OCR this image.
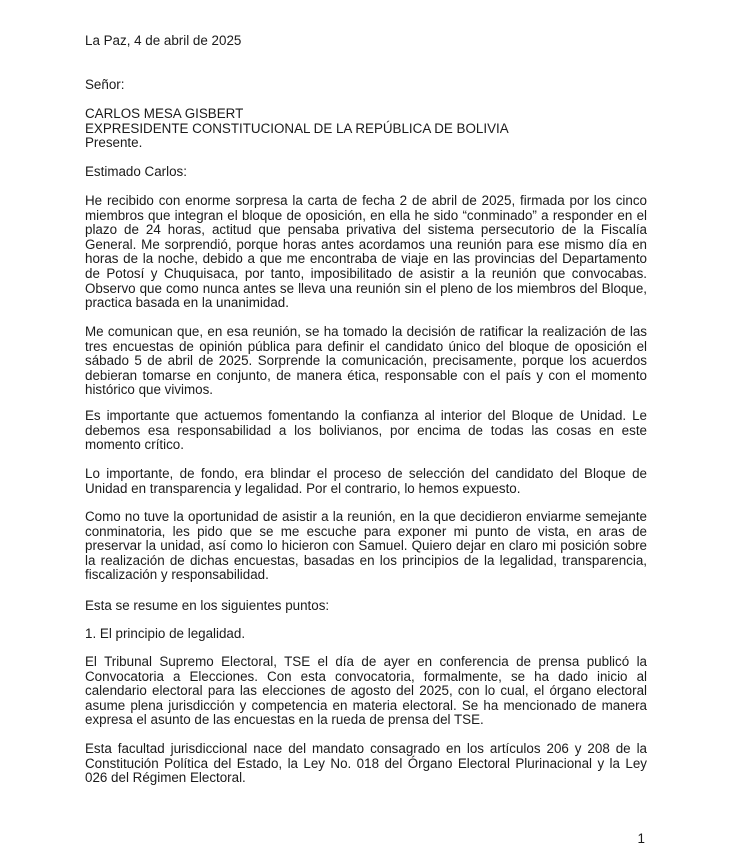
La Paz, 4 de abril de 2025

Señor:

CARLOS MESA GISBERT
EXPRESIDENTE CONSTITUCIONAL DE LA REPÚBLICA DE BOLIVIA
Presente.

Estimado Carlos:

He recibido con enorme sorpresa la carta de fecha 2 de abril de 2025, firmada por los cinco miembros que integran el bloque de oposición, en ella he sido “conminado” a responder en el plazo de 24 horas, actitud que pensaba privativa del sistema persecutorio de la Fiscalía General. Me sorprendió, porque horas antes acordamos una reunión para ese mismo día en horas de la noche, debido a que me encontraba de viaje en las provincias del Departamento de Potosí y Chuquisaca, por tanto, imposibilitado de asistir a la reunión que convocabas. Observo que como nunca antes se lleva una reunión sin el pleno de los miembros del Bloque, practica basada en la unanimidad.

Me comunican que, en esa reunión, se ha tomado la decisión de ratificar la realización de las tres encuestas de opinión pública para definir el candidato único del bloque de oposición el sábado 5 de abril de 2025. Sorprende la comunicación, precisamente, porque los acuerdos debieran tomarse en conjunto, de manera ética, responsable con el país y con el momento histórico que vivimos.

Es importante que actuemos fomentando la confianza al interior del Bloque de Unidad. Le debemos esa responsabilidad a los bolivianos, por encima de todas las cosas en este momento crítico.

Lo importante, de fondo, era blindar el proceso de selección del candidato del Bloque de Unidad en transparencia y legalidad. Por el contrario, lo hemos expuesto.

Como no tuve la oportunidad de asistir a la reunión, en la que decidieron enviarme semejante conminatoria, les pido que se me escuche para exponer mi punto de vista, en aras de preservar la unidad, así como lo hicieron con Samuel. Quiero dejar en claro mi posición sobre la realización de dichas encuestas, basadas en los principios de la legalidad, transparencia, fiscalización y responsabilidad.

Esta se resume en los siguientes puntos:

1. El principio de legalidad.

El Tribunal Supremo Electoral, TSE el día de ayer en conferencia de prensa publicó la Convocatoria a Elecciones. Con esta convocatoria, formalmente, se ha dado inicio al calendario electoral para las elecciones de agosto del 2025, con lo cual, el órgano electoral asume plena jurisdicción y competencia en materia electoral. Se ha mencionado de manera expresa el asunto de las encuestas en la rueda de prensa del TSE.

Esta facultad jurisdiccional nace del mandato consagrado en los artículos 206 y 208 de la Constitución Política del Estado, la Ley No. 018 del Órgano Electoral Plurinacional y la Ley 026 del Régimen Electoral.

1
